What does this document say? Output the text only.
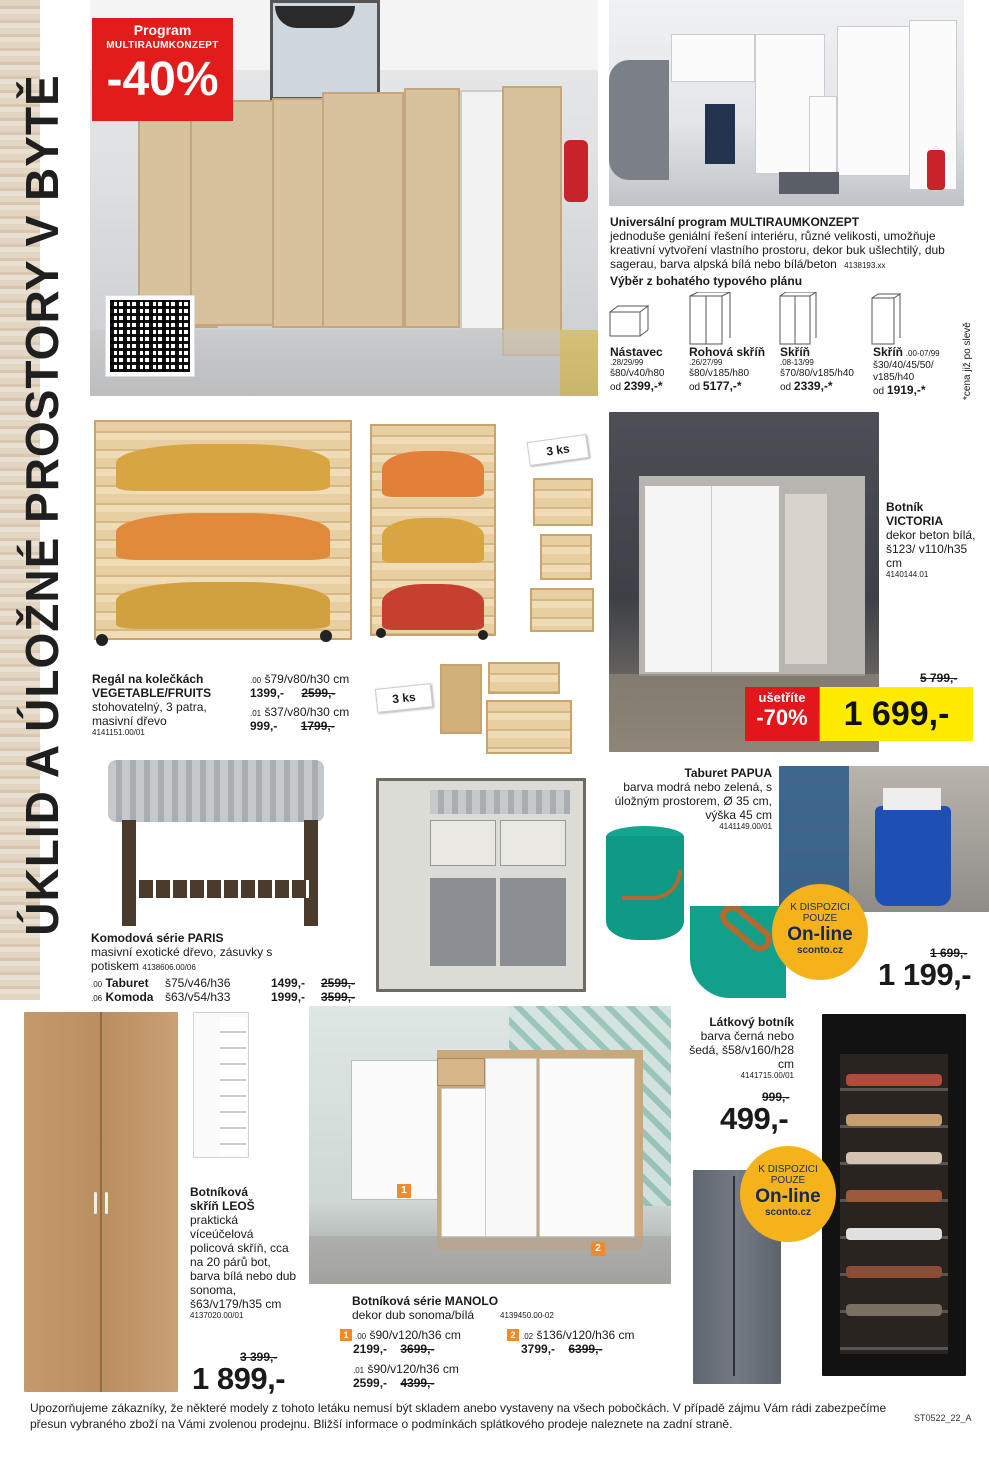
ÚKLID A ÚLOŽNÉ PROSTORY V BYTĚ
Program
MULTIRAUMKONZEPT
-40%
Universální program MULTIRAUMKONZEPT
jednoduše geniální řešení interiéru, různé velikosti, umožňuje kreativní vytvoření vlastního prostoru, dekor buk ušlechtilý, dub sagerau, barva alpská bílá nebo bílá/beton 4138193.xx
Výběr z bohatého typového plánu
Nástavec
.28/29/99
š80/v40/h80
od 2399,-*
Rohová skříň
.26/27/99
š80/v185/h80
od 5177,-*
Skříň
.08-13/99
š70/80/v185/h40
od 2339,-*
Skříň .00-07/99
š30/40/45/50/ v185/h40
od 1919,-*	*cena již po slevě
3 ks
3 ks
Regál na kolečkách
VEGETABLE/FRUITS
stohovatelný, 3 patra, masivní dřevo
4141151.00/01
.00 š79/v80/h30 cm
1399,- 2599,-
.01 š37/v80/h30 cm
999,- 1799,-
Botník
VICTORIA
dekor beton bílá, š123/ v110/h35 cm
4140144.01
5 799,-
ušetříte
-70%	1 699,-
Komodová série PARIS
masivní exotické dřevo, zásuvky s potiskem 4138606.00/06
.00 Taburet š75/v46/h36	1499,- 2599,-
.06 Komoda š63/v54/h33	1999,- 3599,-
Taburet PAPUA
barva modrá nebo zelená, s úložným prostorem, Ø 35 cm, výška 45 cm
4141149.00/01
K DISPOZICI
POUZE
On-line
sconto.cz	1 699,-
1 199,-
Botníková
skříň LEOŠ
praktická víceúčelová policová skříň, cca na 20 párů bot, barva bílá nebo dub sonoma, š63/v179/h35 cm
4137020.00/01
3 399,-
1 899,-
1
2
Botníková série MANOLO
dekor dub sonoma/bílá	4139450.00-02
1 .00 š90/v120/h36 cm
2199,- 3699,-
2 .02 š136/v120/h36 cm
3799,- 6399,-
.01 š90/v120/h36 cm
2599,- 4399,-
Látkový botník
barva černá nebo šedá, š58/v160/h28 cm
4141715.00/01
999,-
499,-
K DISPOZICI
POUZE
On-line
sconto.cz
Upozorňujeme zákazníky, že některé modely z tohoto letáku nemusí být skladem anebo vystaveny na všech pobočkách. V případě zájmu Vám rádi zabezpečíme přesun vybraného zboží na Vámi zvolenou prodejnu. Bližší informace o podmínkách splátkového prodeje naleznete na zadní straně.	ST0522_22_A
